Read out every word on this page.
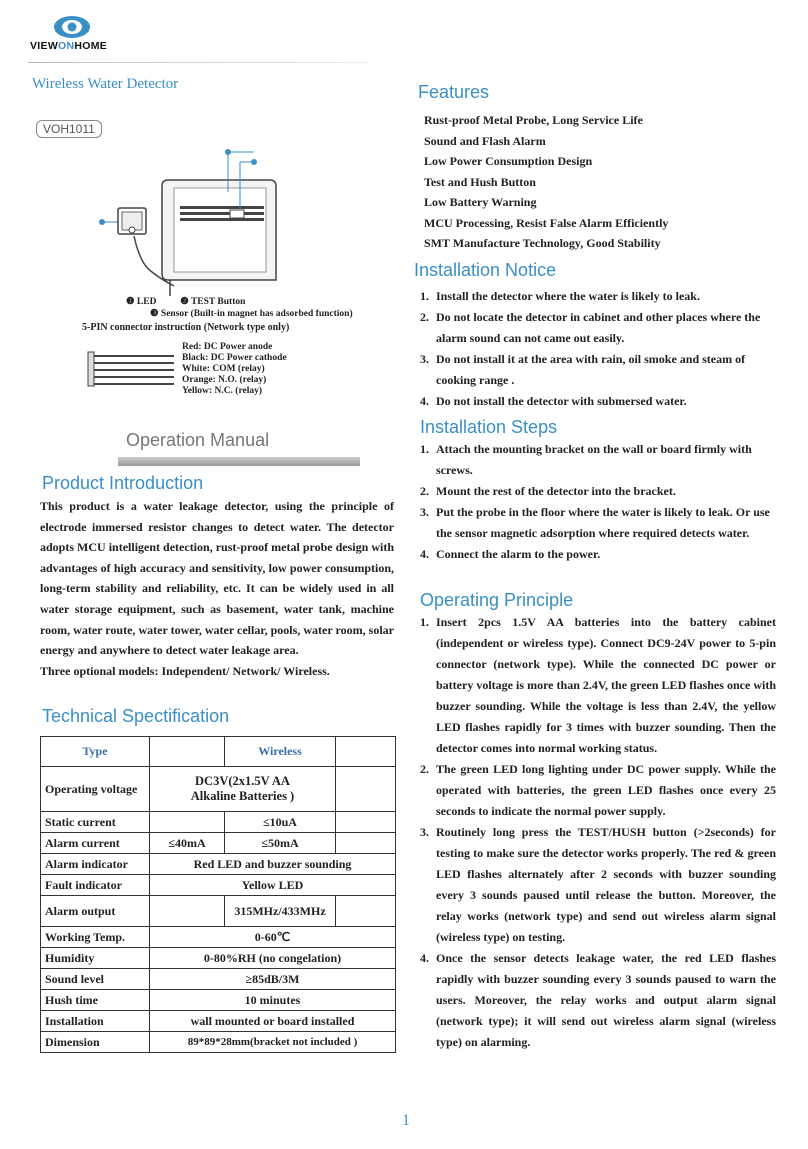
VIEWONHOME
Wireless Water Detector
VOH1011
❶ LED          ❷ TEST Button
❸ Sensor (Built-in magnet has adsorbed function)
5-PIN connector instruction (Network type only)
Red: DC Power anode
Black: DC Power cathode
White: COM (relay)
Orange: N.O. (relay)
Yellow: N.C. (relay)
Operation Manual
Product Introduction
This product is a water leakage detector, using the principle of electrode immersed resistor changes to detect water. The detector adopts MCU intelligent detection, rust-proof metal probe design with advantages of high accuracy and sensitivity, low power consumption, long-term stability and reliability, etc. It can be widely used in all water storage equipment, such as basement, water tank, machine room, water route, water tower, water cellar, pools, water room, solar energy and anywhere to detect water leakage area.

Three optional models: Independent/ Network/ Wireless.
Technical Spectification
Type		Wireless	
Operating voltage	DC3V(2x1.5V AA
Alkaline Batteries )		
Static current		≤10uA	
Alarm current	≤40mA	≤50mA	
Alarm indicator	Red LED and buzzer sounding		
Fault indicator	Yellow LED		
Alarm output		315MHz/433MHz	
Working Temp.	0-60℃		
Humidity	0-80%RH (no congelation)		
Sound level	≥85dB/3M		
Hush time	10 minutes		
Installation	wall mounted or board installed		
Dimension	89*89*28mm(bracket not included )		
Features
Rust-proof Metal Probe, Long Service Life
Sound and Flash Alarm
Low Power Consumption Design
Test and Hush Button
Low Battery Warning
MCU Processing, Resist False Alarm Efficiently
SMT Manufacture Technology, Good Stability
Installation Notice
1. Install the detector where the water is likely to leak.
2. Do not locate the detector in cabinet and other places where the alarm sound can not came out easily.
3. Do not install it at the area with rain, oil smoke and steam of cooking range .
4. Do not install the detector with submersed water.
Installation Steps
1. Attach the mounting bracket on the wall or board firmly with screws.
2. Mount the rest of the detector into the bracket.
3. Put the probe in the floor where the water is likely to leak. Or use the sensor magnetic adsorption where required detects water.
4. Connect the alarm to the power.
Operating Principle
1. Insert 2pcs 1.5V AA batteries into the battery cabinet (independent or wireless type). Connect DC9-24V power to 5-pin connector (network type). While the connected DC power or battery voltage is more than 2.4V, the green LED flashes once with buzzer sounding. While the voltage is less than 2.4V, the yellow LED flashes rapidly for 3 times with buzzer sounding. Then the detector comes into normal working status.
2. The green LED long lighting under DC power supply. While the operated with batteries, the green LED flashes once every 25 seconds to indicate the normal power supply.
3. Routinely long press the TEST/HUSH button (>2seconds) for testing to make sure the detector works properly. The red & green LED flashes alternately after 2 seconds with buzzer sounding every 3 sounds paused until release the button. Moreover, the relay works (network type) and send out wireless alarm signal (wireless type) on testing.
4. Once the sensor detects leakage water, the red LED flashes rapidly with buzzer sounding every 3 sounds paused to warn the users. Moreover, the relay works and output alarm signal (network type); it will send out wireless alarm signal (wireless type) on alarming.
1
